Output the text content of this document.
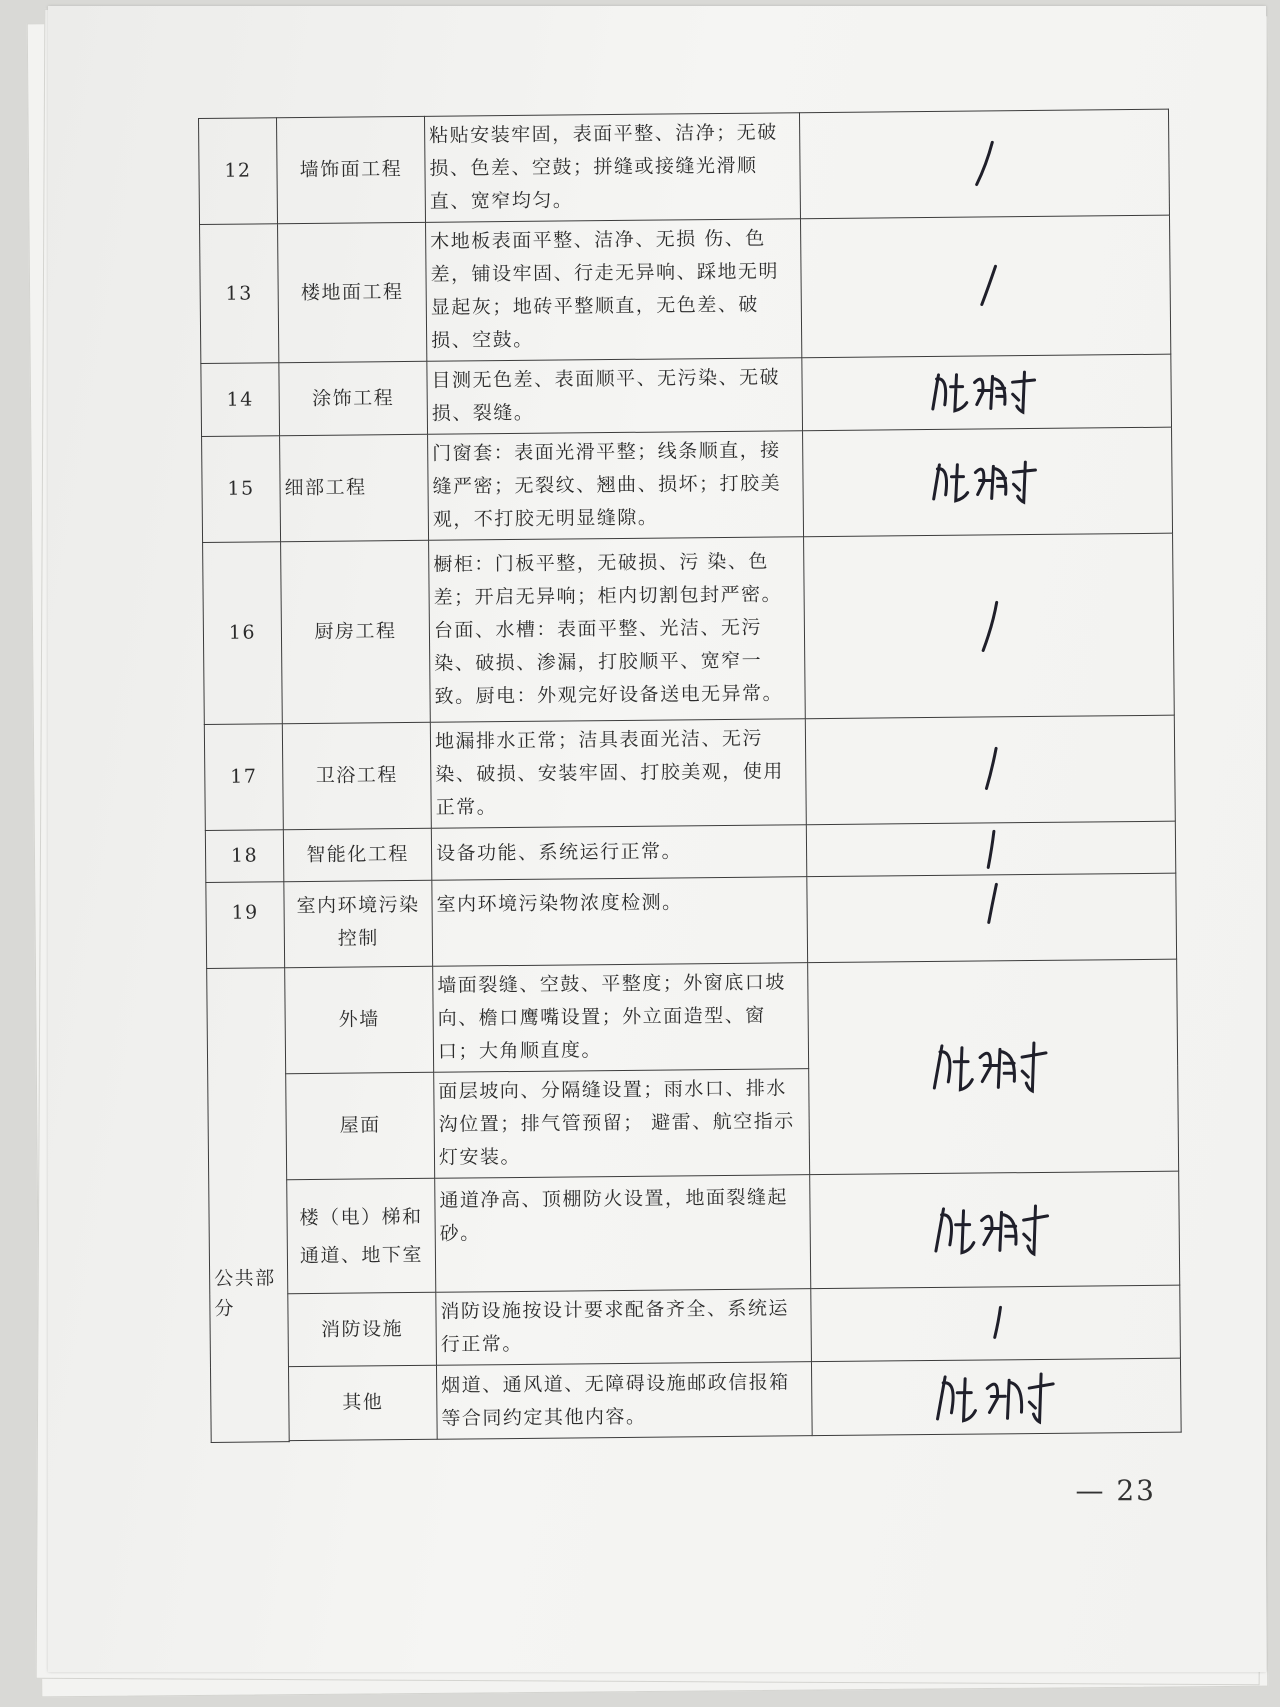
12	墙饰面工程	粘贴安装牢固，表面平整、洁净；无破损、色差、空鼓；拼缝或接缝光滑顺直、宽窄均匀。	

13	楼地面工程	木地板表面平整、洁净、无损 伤、色差，铺设牢固、行走无异响、踩地无明显起灰；地砖平整顺直，无色差、破损、空鼓。	

14	涂饰工程	目测无色差、表面顺平、无污染、无破损、裂缝。	

15	细部工程	门窗套：表面光滑平整；线条顺直，接缝严密；无裂纹、翘曲、损坏；打胶美观，不打胶无明显缝隙。	

16	厨房工程	橱柜：门板平整，无破损、污 染、色差；开启无异响；柜内切割包封严密。台面、水槽：表面平整、光洁、无污染、破损、渗漏，打胶顺平、宽窄一致。厨电：外观完好设备送电无异常。	

17	卫浴工程	地漏排水正常；洁具表面光洁、无污染、破损、安装牢固、打胶美观，使用正常。	

18	智能化工程	设备功能、系统运行正常。	

19	室内环境污染控制	室内环境污染物浓度检测。	

公共部分	外墙	墙面裂缝、空鼓、平整度；外窗底口坡向、檐口鹰嘴设置；外立面造型、窗口；大角顺直度。	

	屋面	面层坡向、分隔缝设置；雨水口、排水沟位置；排气管预留； 避雷、航空指示灯安装。	
	楼（电）梯和通道、地下室	通道净高、顶棚防火设置，地面裂缝起砂。	

	消防设施	消防设施按设计要求配备齐全、系统运行正常。	

	其他	烟道、通风道、无障碍设施邮政信报箱等合同约定其他内容。	

— 23
